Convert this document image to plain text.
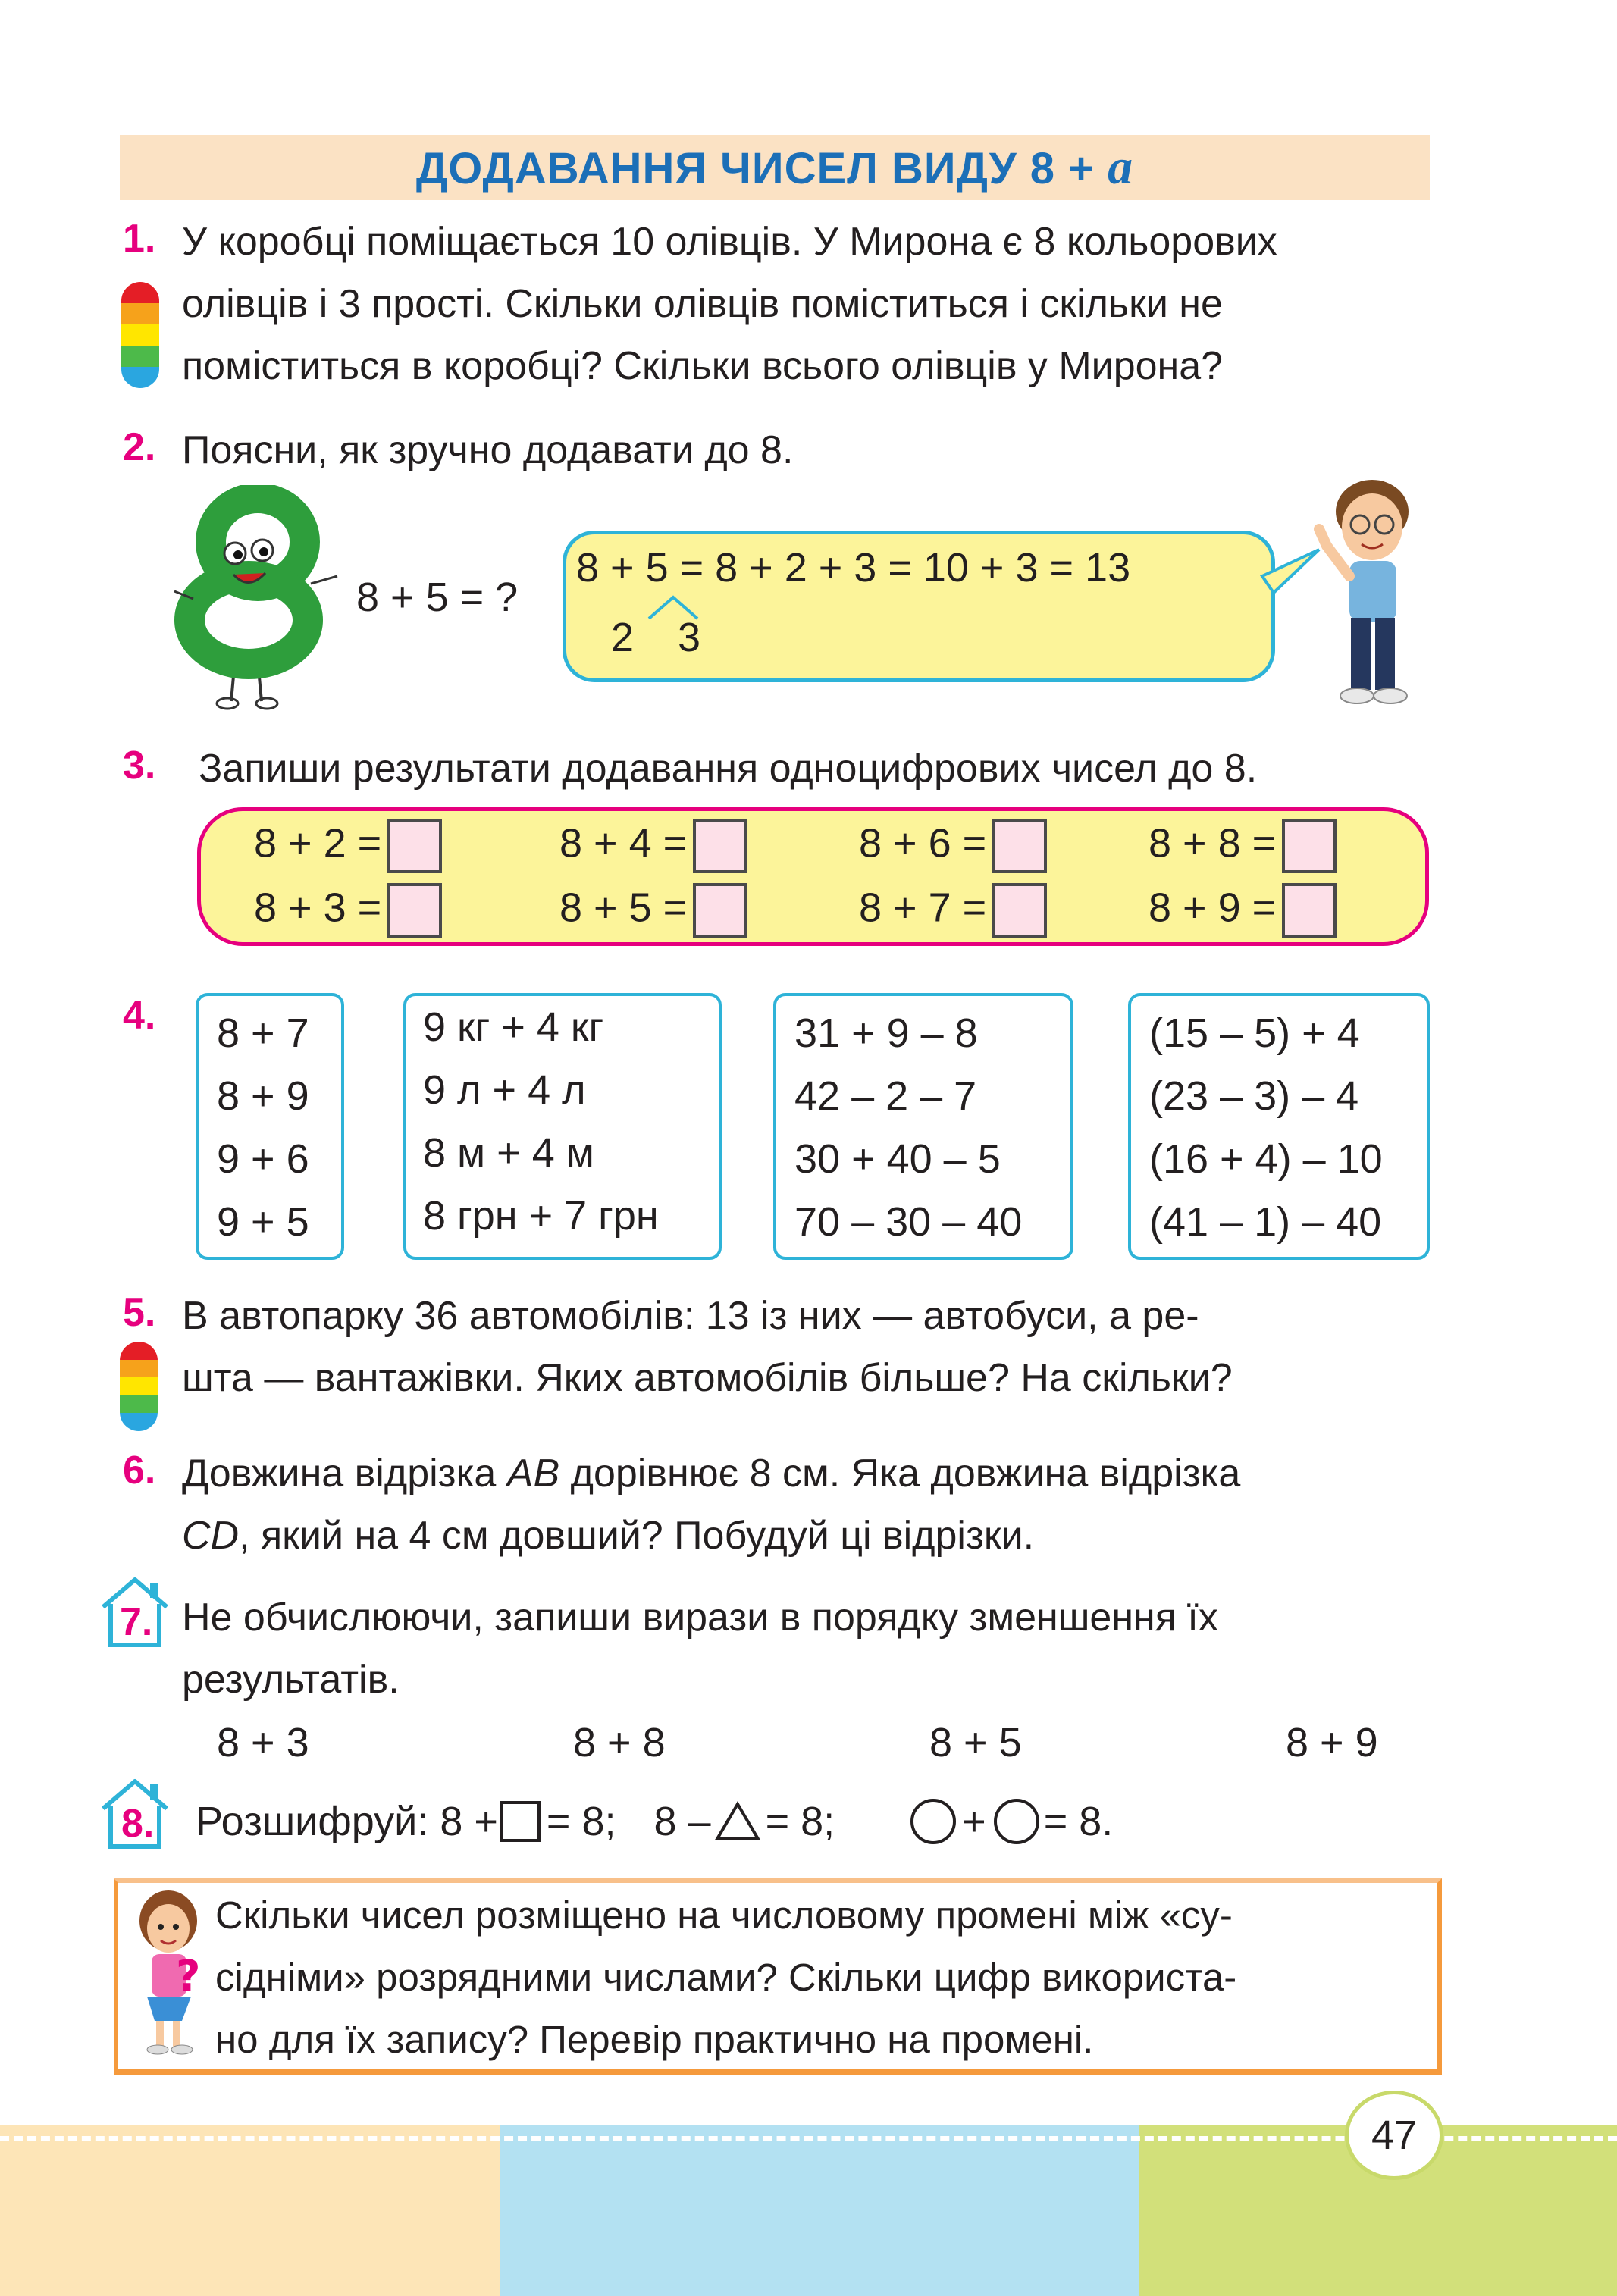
ДОДАВАННЯ ЧИСЕЛ ВИДУ 8 + a
1. У коробці поміщається 10 олівців. У Мирона є 8 кольорових
олівців і 3 прості. Скільки олівців поміститься і скільки не
поміститься в коробці? Скільки всього олівців у Мирона?
2. Поясни, як зручно додавати до 8.
8 + 5 = ?
8 + 5 = 8 + 2 + 3 = 10 + 3 = 13
2 3
3. Запиши результати додавання одноцифрових чисел до 8.
8 + 2 =	8 + 4 =	8 + 6 =	8 + 8 =
8 + 3 =	8 + 5 =	8 + 7 =	8 + 9 =
4.	8 + 7
8 + 9
9 + 6
9 + 5
9 кг + 4 кг
9 л + 4 л
8 м + 4 м
8 грн + 7 грн
31 + 9 – 8
42 – 2 – 7
30 + 40 – 5
70 – 30 – 40
(15 – 5) + 4
(23 – 3) – 4
(16 + 4) – 10
(41 – 1) – 40
5. В автопарку 36 автомобілів: 13 із них — автобуси, а ре-
шта — вантажівки. Яких автомобілів більше? На скільки?
6. Довжина відрізка AB дорівнює 8 см. Яка довжина відрізка
CD, який на 4 см довший? Побудуй ці відрізки.
7. Не обчислюючи, запиши вирази в порядку зменшення їх
результатів.
8 + 3	8 + 8	8 + 5	8 + 9
8. Розшифруй: 8 + = 8; 8 – = 8;	+ = 8.
?
Скільки чисел розміщено на числовому промені між «су-
сідніми» розрядними числами? Скільки цифр використа-
но для їх запису? Перевір практично на промені.
47
